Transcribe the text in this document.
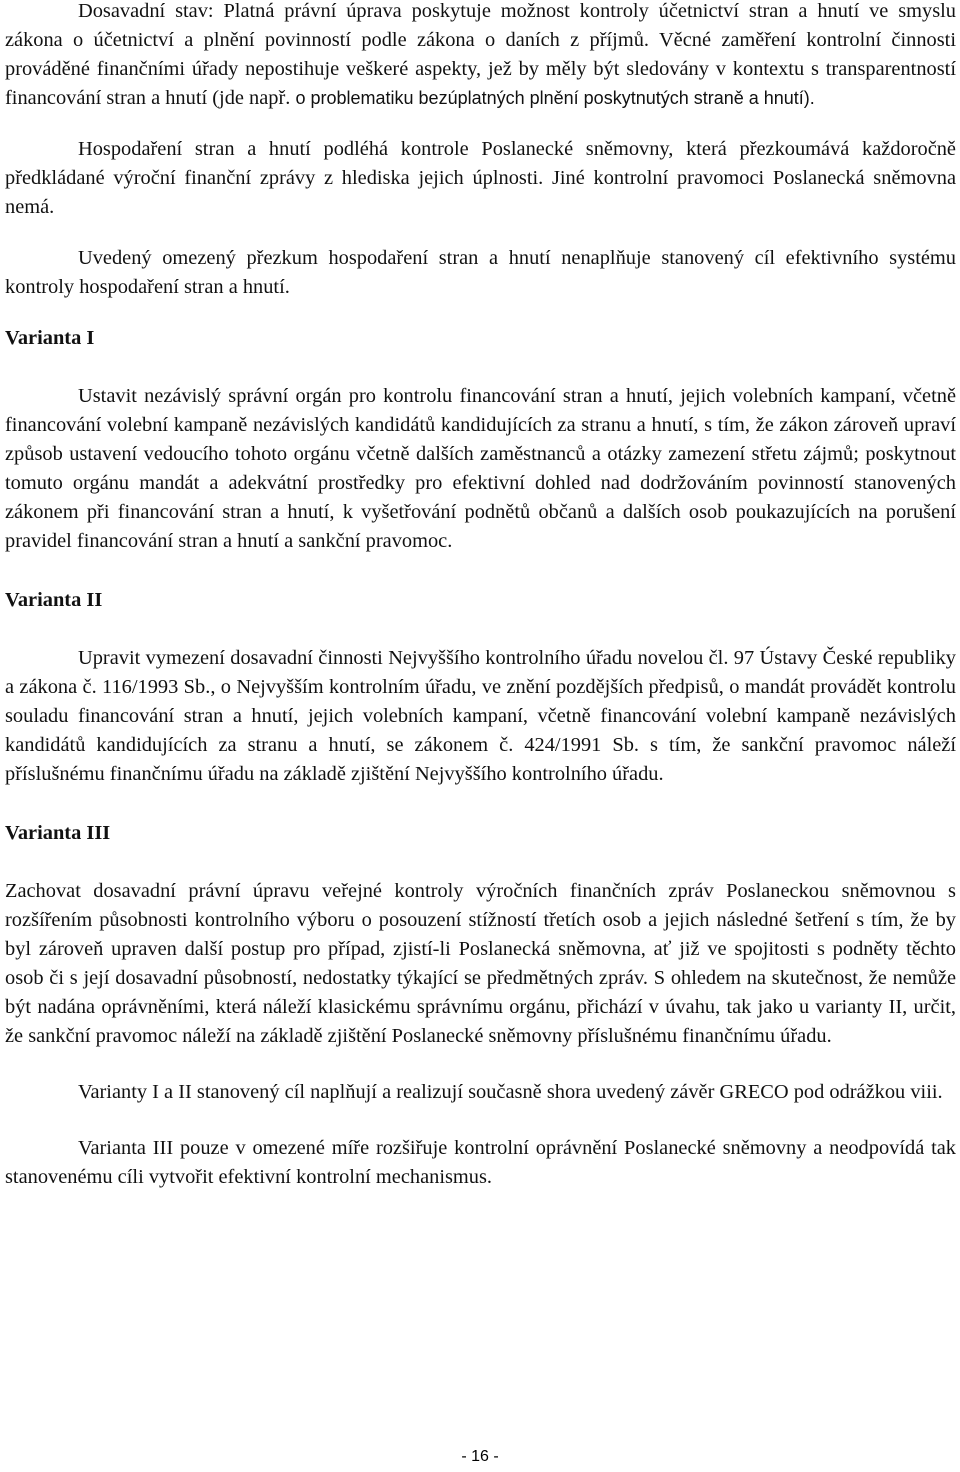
Dosavadní stav: Platná právní úprava poskytuje možnost kontroly účetnictví stran a hnutí ve smyslu zákona o účetnictví a plnění povinností podle zákona o daních z příjmů. Věcné zaměření kontrolní činnosti prováděné finančními úřady nepostihuje veškeré aspekty, jež by měly být sledovány v kontextu s transparentností financování stran a hnutí (jde např. o problematiku bezúplatných plnění poskytnutých straně a hnutí).

Hospodaření stran a hnutí podléhá kontrole Poslanecké sněmovny, která přezkoumává každoročně předkládané výroční finanční zprávy z hlediska jejich úplnosti. Jiné kontrolní pravomoci Poslanecká sněmovna nemá.

Uvedený omezený přezkum hospodaření stran a hnutí nenaplňuje stanovený cíl efektivního systému kontroly hospodaření stran a hnutí.

Varianta I

Ustavit nezávislý správní orgán pro kontrolu financování stran a hnutí, jejich volebních kampaní, včetně financování volební kampaně nezávislých kandidátů kandidujících za stranu a hnutí, s tím, že zákon zároveň upraví způsob ustavení vedoucího tohoto orgánu včetně dalších zaměstnanců a otázky zamezení střetu zájmů; poskytnout tomuto orgánu mandát a adekvátní prostředky pro efektivní dohled nad dodržováním povinností stanovených zákonem při financování stran a hnutí, k vyšetřování podnětů občanů a dalších osob poukazujících na porušení pravidel financování stran a hnutí a sankční pravomoc.

Varianta II

Upravit vymezení dosavadní činnosti Nejvyššího kontrolního úřadu novelou čl. 97 Ústavy České republiky a zákona č. 116/1993 Sb., o Nejvyšším kontrolním úřadu, ve znění pozdějších předpisů, o mandát provádět kontrolu souladu financování stran a hnutí, jejich volebních kampaní, včetně financování volební kampaně nezávislých kandidátů kandidujících za stranu a hnutí, se zákonem č. 424/1991 Sb. s tím, že sankční pravomoc náleží příslušnému finančnímu úřadu na základě zjištění Nejvyššího kontrolního úřadu.

Varianta III

Zachovat dosavadní právní úpravu veřejné kontroly výročních finančních zpráv Poslaneckou sněmovnou s rozšířením působnosti kontrolního výboru o posouzení stížností třetích osob a jejich následné šetření s tím, že by byl zároveň upraven další postup pro případ, zjistí-li Poslanecká sněmovna, ať již ve spojitosti s podněty těchto osob či s její dosavadní působností, nedostatky týkající se předmětných zpráv. S ohledem na skutečnost, že nemůže být nadána oprávněními, která náleží klasickému správnímu orgánu, přichází v úvahu, tak jako u varianty II, určit, že sankční pravomoc náleží na základě zjištění Poslanecké sněmovny příslušnému finančnímu úřadu.

Varianty I a II stanovený cíl naplňují a realizují současně shora uvedený závěr GRECO pod odrážkou viii.

Varianta III pouze v omezené míře rozšiřuje kontrolní oprávnění Poslanecké sněmovny a neodpovídá tak stanovenému cíli vytvořit efektivní kontrolní mechanismus.

- 16 -
